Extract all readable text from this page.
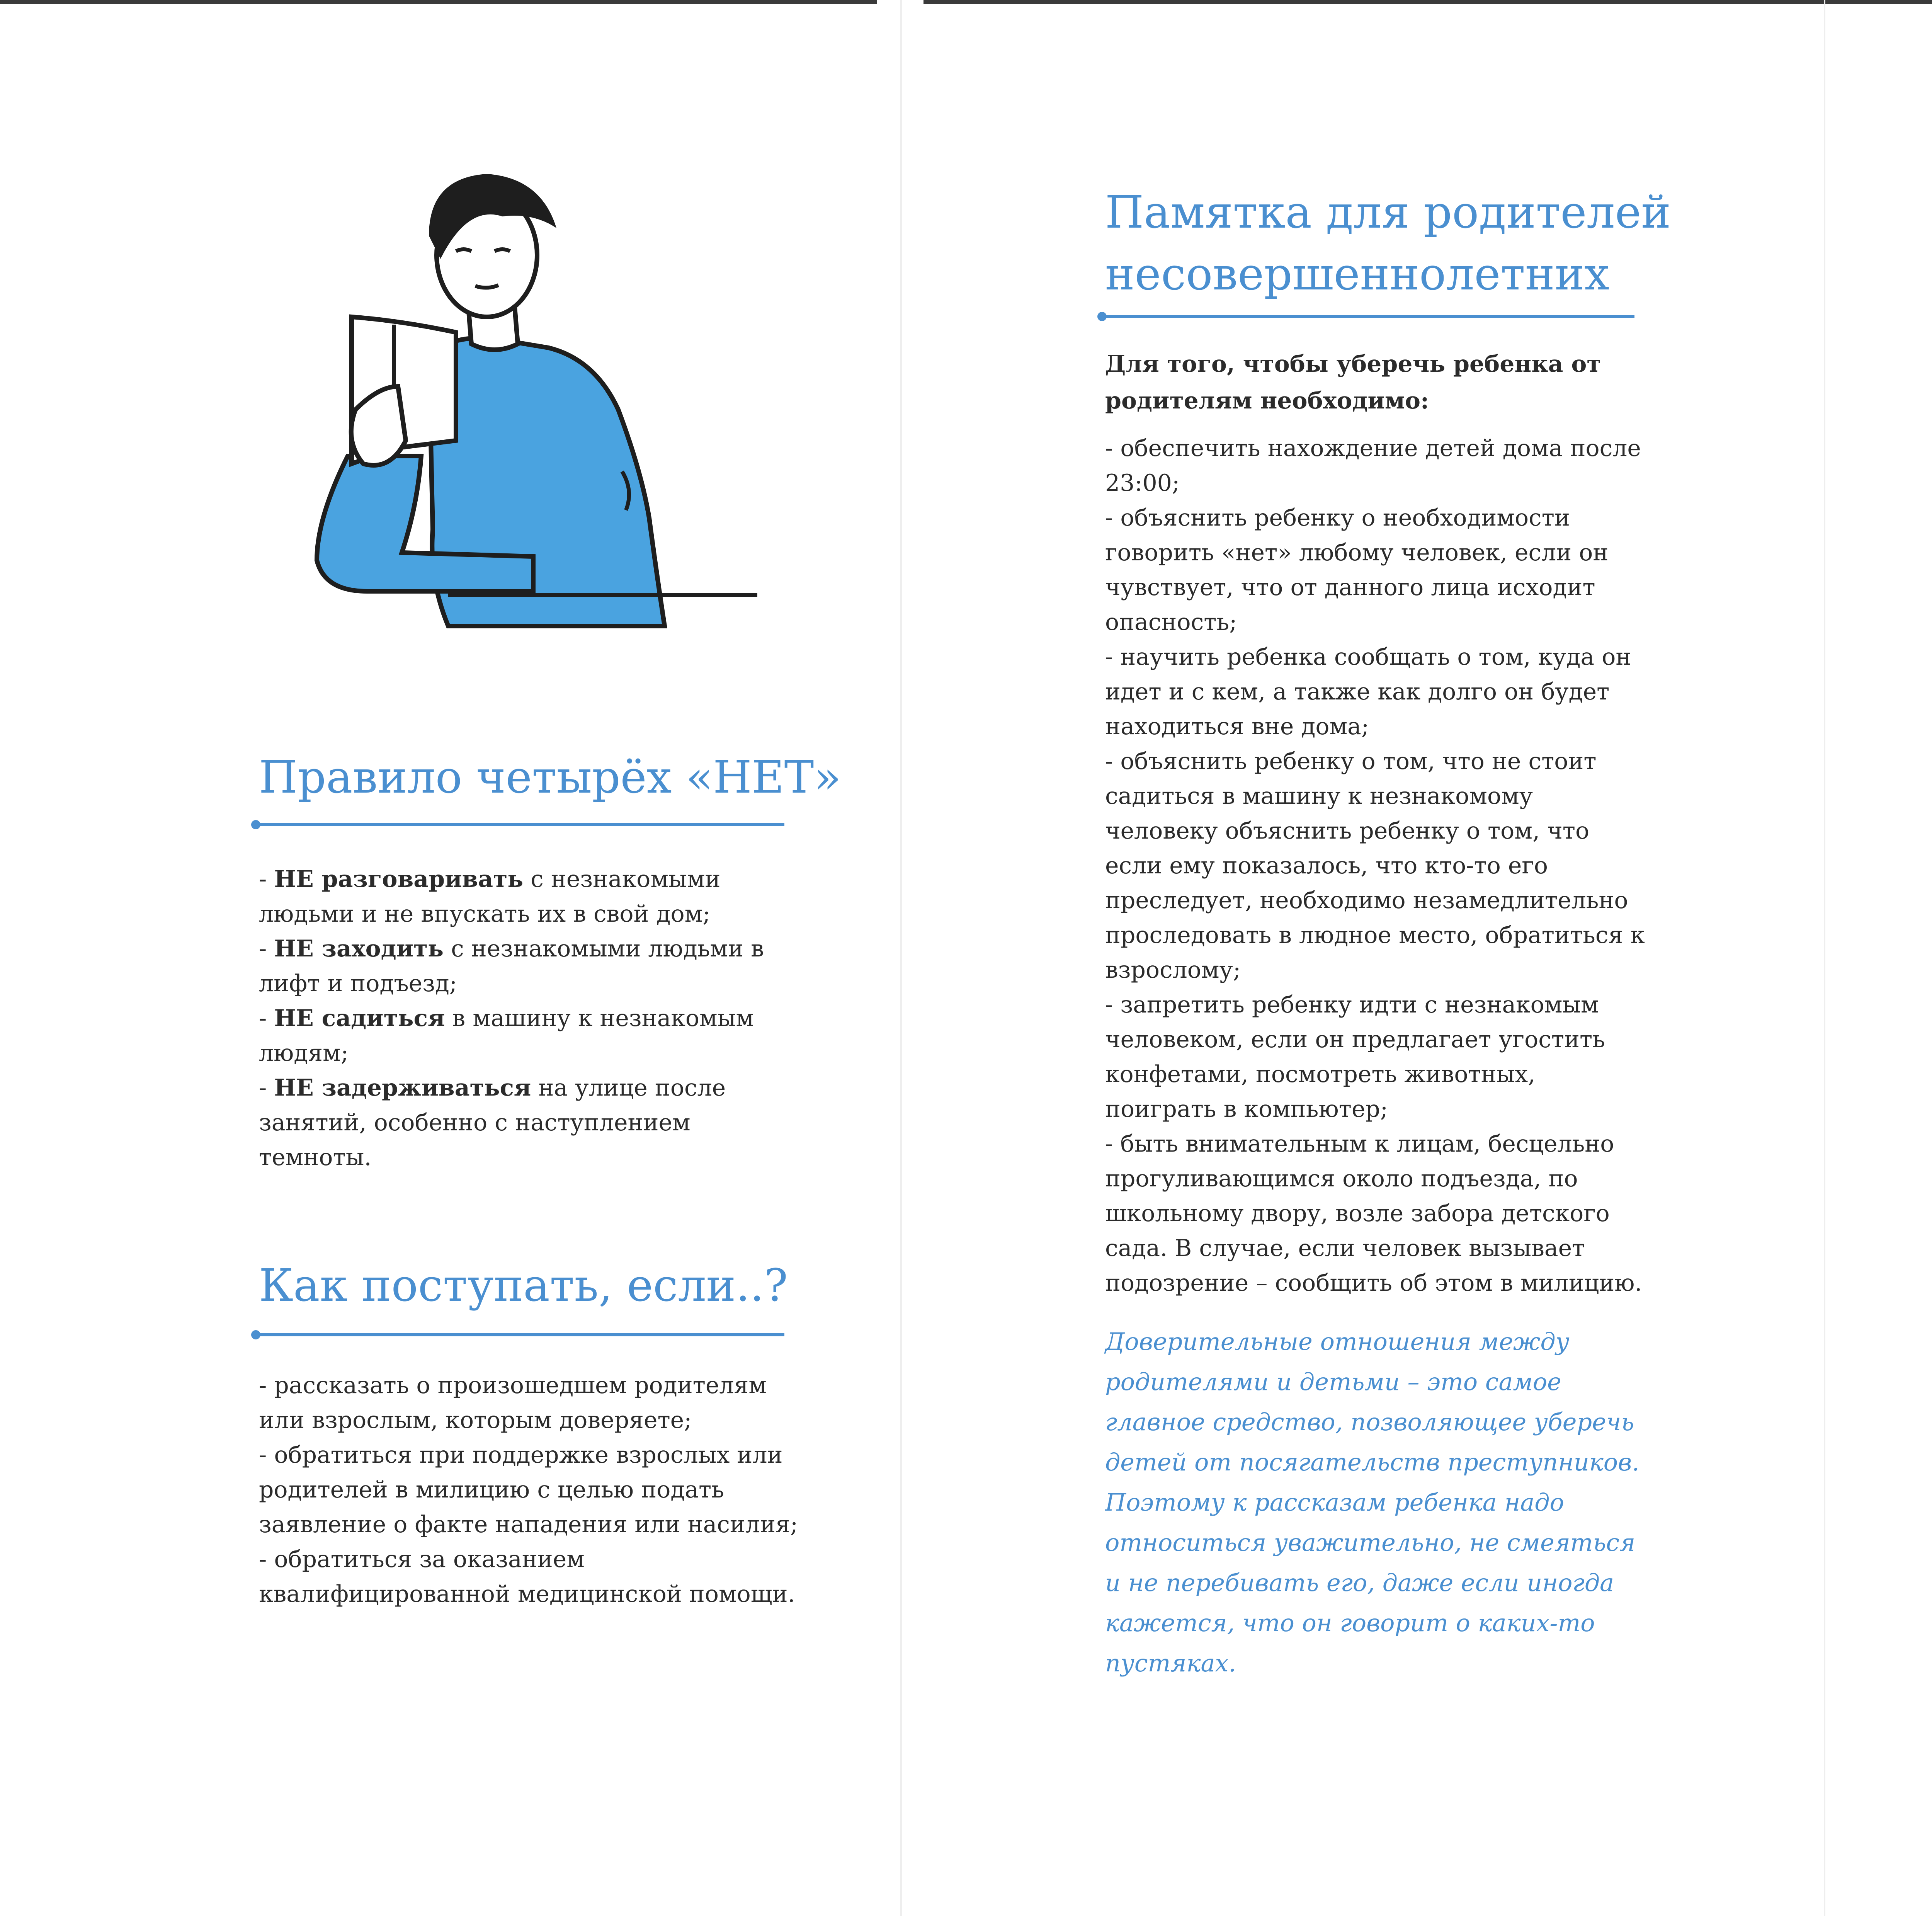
Правило четырёх «НЕТ»

- НЕ разговаривать с незнакомыми людьми и не впускать их в свой дом;

- НЕ заходить с незнакомыми людьми в лифт и подъезд;

- НЕ садиться в машину к незнакомым людям;

- НЕ задерживаться на улице после занятий, особенно с наступлением темноты.

Как поступать, если..?

- рассказать о произошедшем родителям или взрослым, которым доверяете;

- обратиться при поддержке взрослых или родителей в милицию с целью подать заявление о факте нападения или насилия;

- обратиться за оказанием квалифицированной медицинской помощи.

Памятка для родителей
несовершеннолетних

Для того, чтобы уберечь ребенка от родителям необходимо:

- обеспечить нахождение детей дома после 23:00;

- объяснить ребенку о необходимости говорить «нет» любому человек, если он чувствует, что от данного лица исходит опасность;

- научить ребенка сообщать о том, куда он идет и с кем, а также как долго он будет находиться вне дома;

- объяснить ребенку о том, что не стоит садиться в машину к незнакомому человеку объяснить ребенку о том, что если ему показалось, что кто-то его преследует, необходимо незамедлительно проследовать в людное место, обратиться к взрослому;

- запретить ребенку идти с незнакомым человеком, если он предлагает угостить конфетами, посмотреть животных, поиграть в компьютер;

- быть внимательным к лицам, бесцельно прогуливающимся около подъезда, по школьному двору, возле забора детского сада. В случае, если человек вызывает подозрение – сообщить об этом в милицию.

Доверительные отношения между родителями и детьми – это самое главное средство, позволяющее уберечь детей от посягательств преступников. Поэтому к рассказам ребенка надо относиться уважительно, не смеяться и не перебивать его, даже если иногда кажется, что он говорит о каких-то пустяках.
